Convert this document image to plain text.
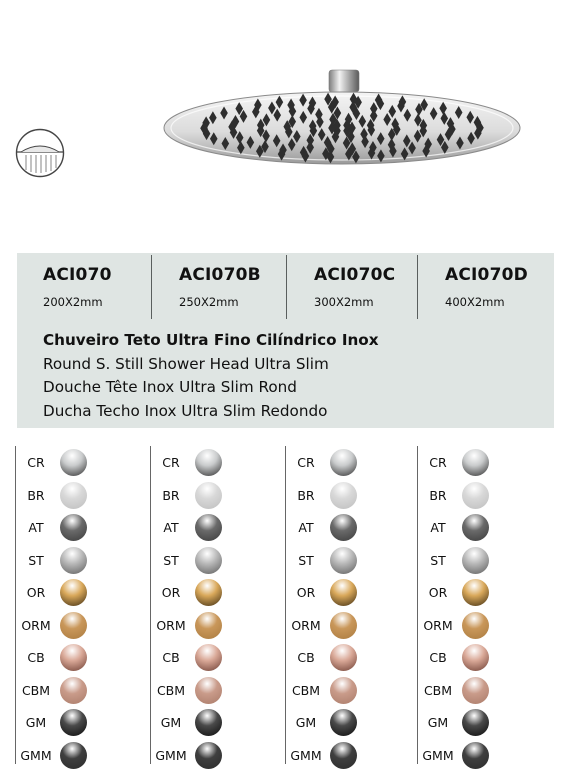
ACI070
200X2mm
ACI070B
250X2mm
ACI070C
300X2mm
ACI070D
400X2mm
Chuveiro Teto Ultra Fino Cilíndrico Inox
Round S. Still Shower Head Ultra Slim
Douche Tête Inox Ultra Slim Rond
Ducha Techo Inox Ultra Slim Redondo
CR
BR
AT
ST
OR
ORM
CB
CBM
GM
GMM
CR
BR
AT
ST
OR
ORM
CB
CBM
GM
GMM
CR
BR
AT
ST
OR
ORM
CB
CBM
GM
GMM
CR
BR
AT
ST
OR
ORM
CB
CBM
GM
GMM
